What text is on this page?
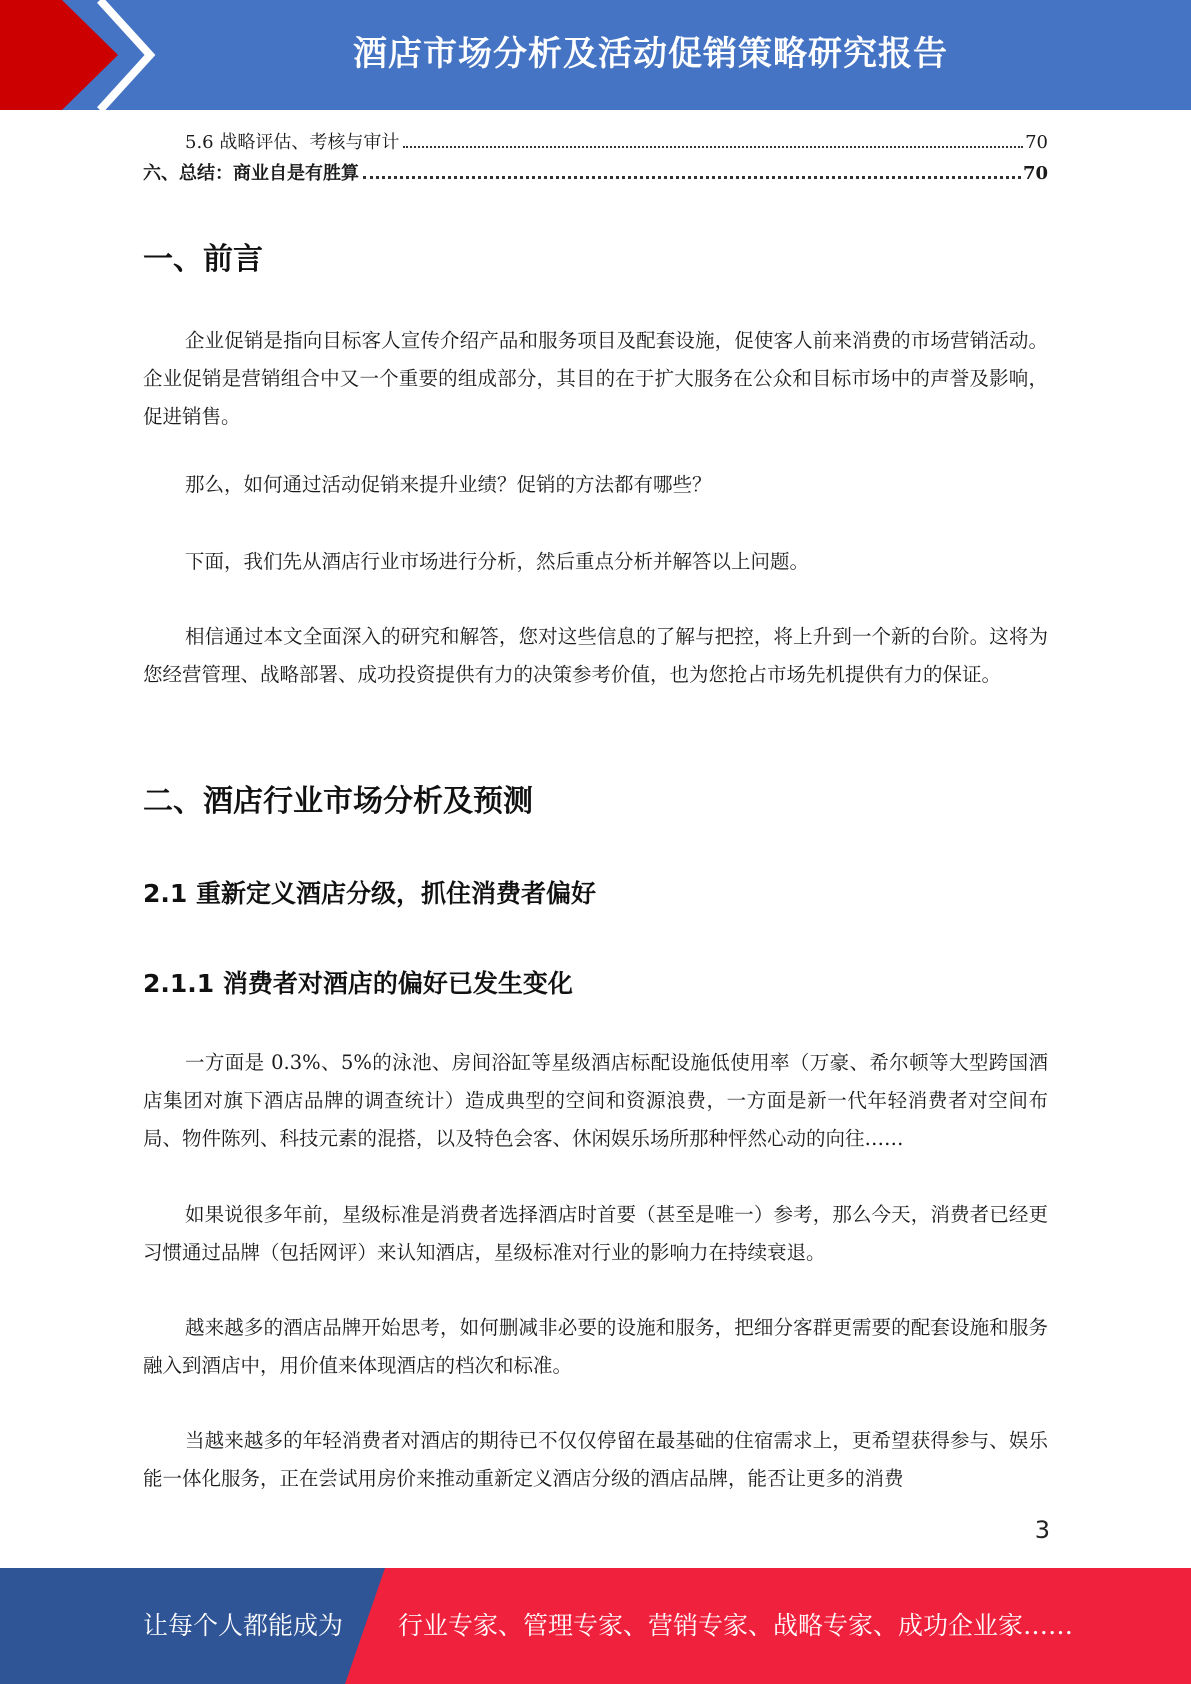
酒店市场分析及活动促销策略研究报告
5.6 战略评估、考核与审计	70
六、总结：商业自是有胜算	70
一、前言

企业促销是指向目标客人宣传介绍产品和服务项目及配套设施，促使客人前来消费的市场营销活动。企业促销是营销组合中又一个重要的组成部分，其目的在于扩大服务在公众和目标市场中的声誉及影响，促进销售。

那么，如何通过活动促销来提升业绩？促销的方法都有哪些？

下面，我们先从酒店行业市场进行分析，然后重点分析并解答以上问题。

相信通过本文全面深入的研究和解答，您对这些信息的了解与把控，将上升到一个新的台阶。这将为您经营管理、战略部署、成功投资提供有力的决策参考价值，也为您抢占市场先机提供有力的保证。

二、酒店行业市场分析及预测
2.1 重新定义酒店分级，抓住消费者偏好
2.1.1 消费者对酒店的偏好已发生变化

一方面是 0.3%、5%的泳池、房间浴缸等星级酒店标配设施低使用率（万豪、希尔顿等大型跨国酒店集团对旗下酒店品牌的调查统计）造成典型的空间和资源浪费，一方面是新一代年轻消费者对空间布局、物件陈列、科技元素的混搭，以及特色会客、休闲娱乐场所那种怦然心动的向往……

如果说很多年前，星级标准是消费者选择酒店时首要（甚至是唯一）参考，那么今天，消费者已经更习惯通过品牌（包括网评）来认知酒店，星级标准对行业的影响力在持续衰退。

越来越多的酒店品牌开始思考，如何删减非必要的设施和服务，把细分客群更需要的配套设施和服务融入到酒店中，用价值来体现酒店的档次和标准。

当越来越多的年轻消费者对酒店的期待已不仅仅停留在最基础的住宿需求上，更希望获得参与、娱乐能一体化服务，正在尝试用房价来推动重新定义酒店分级的酒店品牌，能否让更多的消费

3
让每个人都能成为 行业专家、管理专家、营销专家、战略专家、成功企业家……
